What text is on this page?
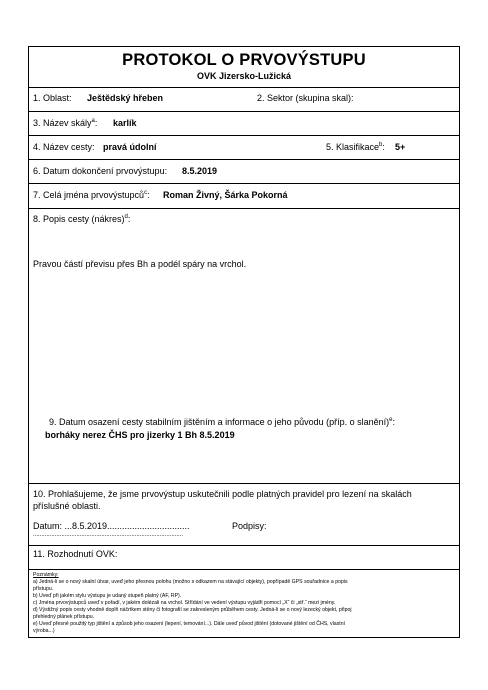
PROTOKOL O PRVOVÝSTUPU
OVK Jizersko-Lužická
1. Oblast: Ještědský hřeben	2. Sektor (skupina skal):
3. Název skály$^a$: karlík
4. Název cesty: pravá údolní	5. Klasifikace$^b$: 5+
6. Datum dokončení prvovýstupu: 8.5.2019
7. Celá jména prvovýstupců$^c$: Roman Živný, Šárka Pokorná
8. Popis cesty (nákres)$^d$:
Pravou částí převisu přes Bh a podél spáry na vrchol.
9. Datum osazení cesty stabilním jištěním a informace o jeho původu (příp. o slanění)$^e$:
borháky nerez ČHS pro jizerky 1 Bh 8.5.2019
10. Prohlašujeme, že jsme prvovýstup uskutečnili podle platných pravidel pro lezení na skalách
příslušné oblasti.
Datum: ...8.5.2019.................................	Podpisy:
..........................................................................................
11. Rozhodnutí OVK:
Poznámky:
a) Jedná-li se o nový skalní útvar, uveď jeho přesnou polohu (možno s odkazem na stávající objekty), popřípadě GPS souřadnice a popis
přístupu.
b) Uveď při jakém stylu výstupu je udaný stupeň platný (AF, RP).
c) Jména prvovýstupců uveď v pořadí, v jakém dolézali na vrchol. Střídání ve vedení výstupu vyjádři pomocí „X“ či „stř.“ mezi jmény.
d) Výstižný popis cesty vhodně doplň náčrtkem stěny či fotografií se zakresleným průběhem cesty. Jedná-li se o nový lezecký objekt, připoj
přehledný plánek přístupu.
e) Uveď přesně použitý typ jištění a způsob jeho osazení (lepení, temování...). Dále uveď původ jištění (dotované jištění od ČHS, vlastní
výroba...)
